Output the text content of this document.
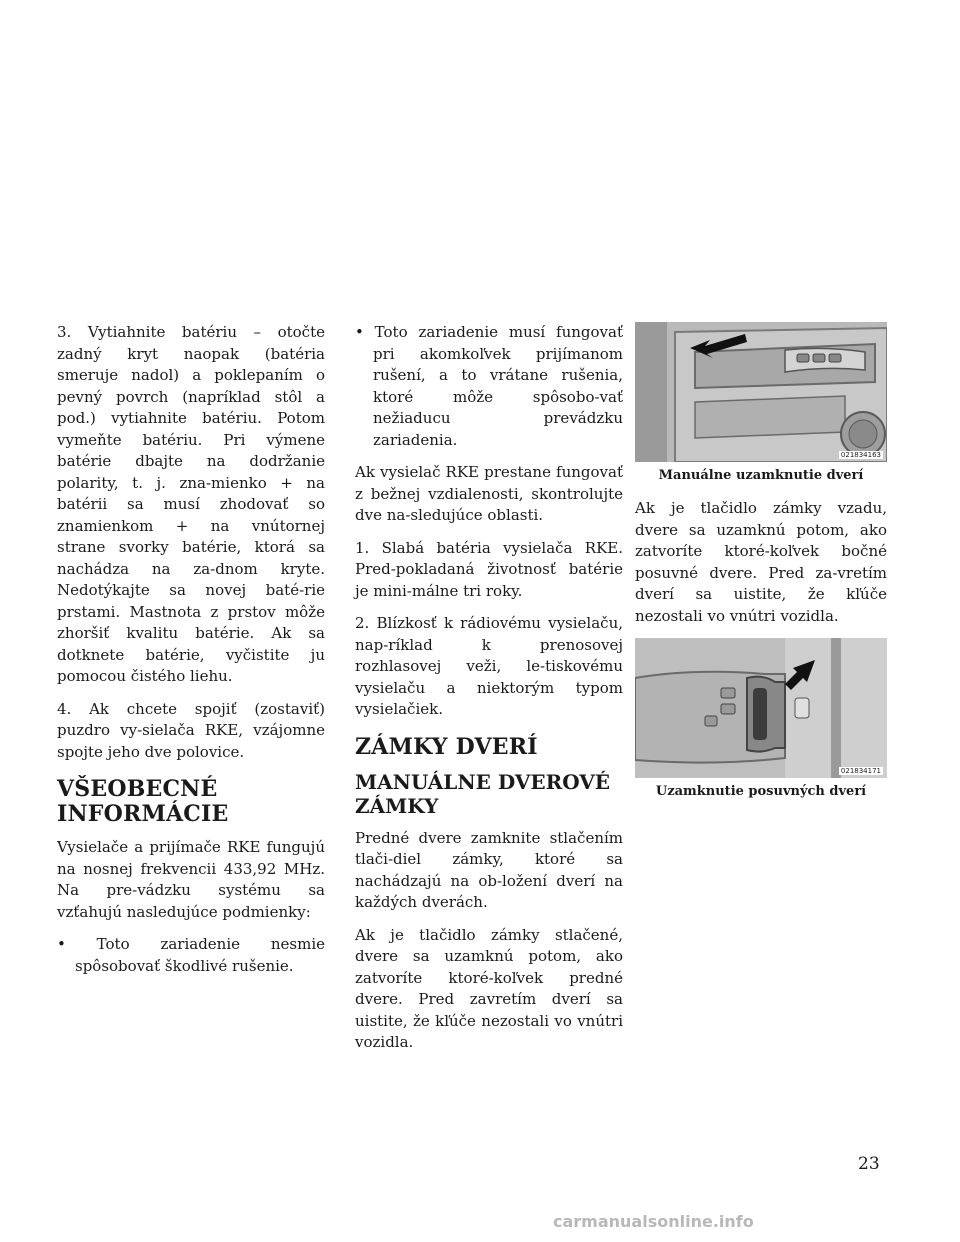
3. Vytiahnite batériu – otočte zadný kryt naopak (batéria smeruje nadol) a poklepaním o pevný povrch (napríklad stôl a pod.) vytiahnite batériu. Potom vymeňte batériu. Pri výmene batérie dbajte na dodržanie polarity, t. j. zna-mienko + na batérii sa musí zhodovať so znamienkom + na vnútornej strane svorky batérie, ktorá sa nachádza na za-dnom kryte. Nedotýkajte sa novej baté-rie prstami. Mastnota z prstov môže zhoršiť kvalitu batérie. Ak sa dotknete batérie, vyčistite ju pomocou čistého liehu.

4. Ak chcete spojiť (zostaviť) puzdro vy-sielača RKE, vzájomne spojte jeho dve polovice.

VŠEOBECNÉ INFORMÁCIE

Vysielače a prijímače RKE fungujú na nosnej frekvencii 433,92 MHz. Na pre-vádzku systému sa vzťahujú nasledujúce podmienky:

• Toto zariadenie nesmie spôsobovať škodlivé rušenie.

• Toto zariadenie musí fungovať pri akomkoľvek prijímanom rušení, a to vrátane rušenia, ktoré môže spôsobo-vať nežiaducu prevádzku zariadenia.

Ak vysielač RKE prestane fungovať z bežnej vzdialenosti, skontrolujte dve na-sledujúce oblasti.

1. Slabá batéria vysielača RKE. Pred-pokladaná životnosť batérie je mini-málne tri roky.

2. Blízkosť k rádiovému vysielaču, nap-ríklad k prenosovej rozhlasovej veži, le-tiskovému vysielaču a niektorým typom vysielačiek.

ZÁMKY DVERÍ
MANUÁLNE DVEROVÉ ZÁMKY

Predné dvere zamknite stlačením tlači-diel zámky, ktoré sa nachádzajú na ob-ložení dverí na každých dverách.

Ak je tlačidlo zámky stlačené, dvere sa uzamknú potom, ako zatvoríte ktoré-koľvek predné dvere. Pred zavretím dverí sa uistite, že kľúče nezostali vo vnútri vozidla.

021834163
Manuálne uzamknutie dverí

Ak je tlačidlo zámky vzadu, dvere sa uzamknú potom, ako zatvoríte ktoré-koľvek bočné posuvné dvere. Pred za-vretím dverí sa uistite, že kľúče nezostali vo vnútri vozidla.

021834171
Uzamknutie posuvných dverí
23
carmanualsonline.info
